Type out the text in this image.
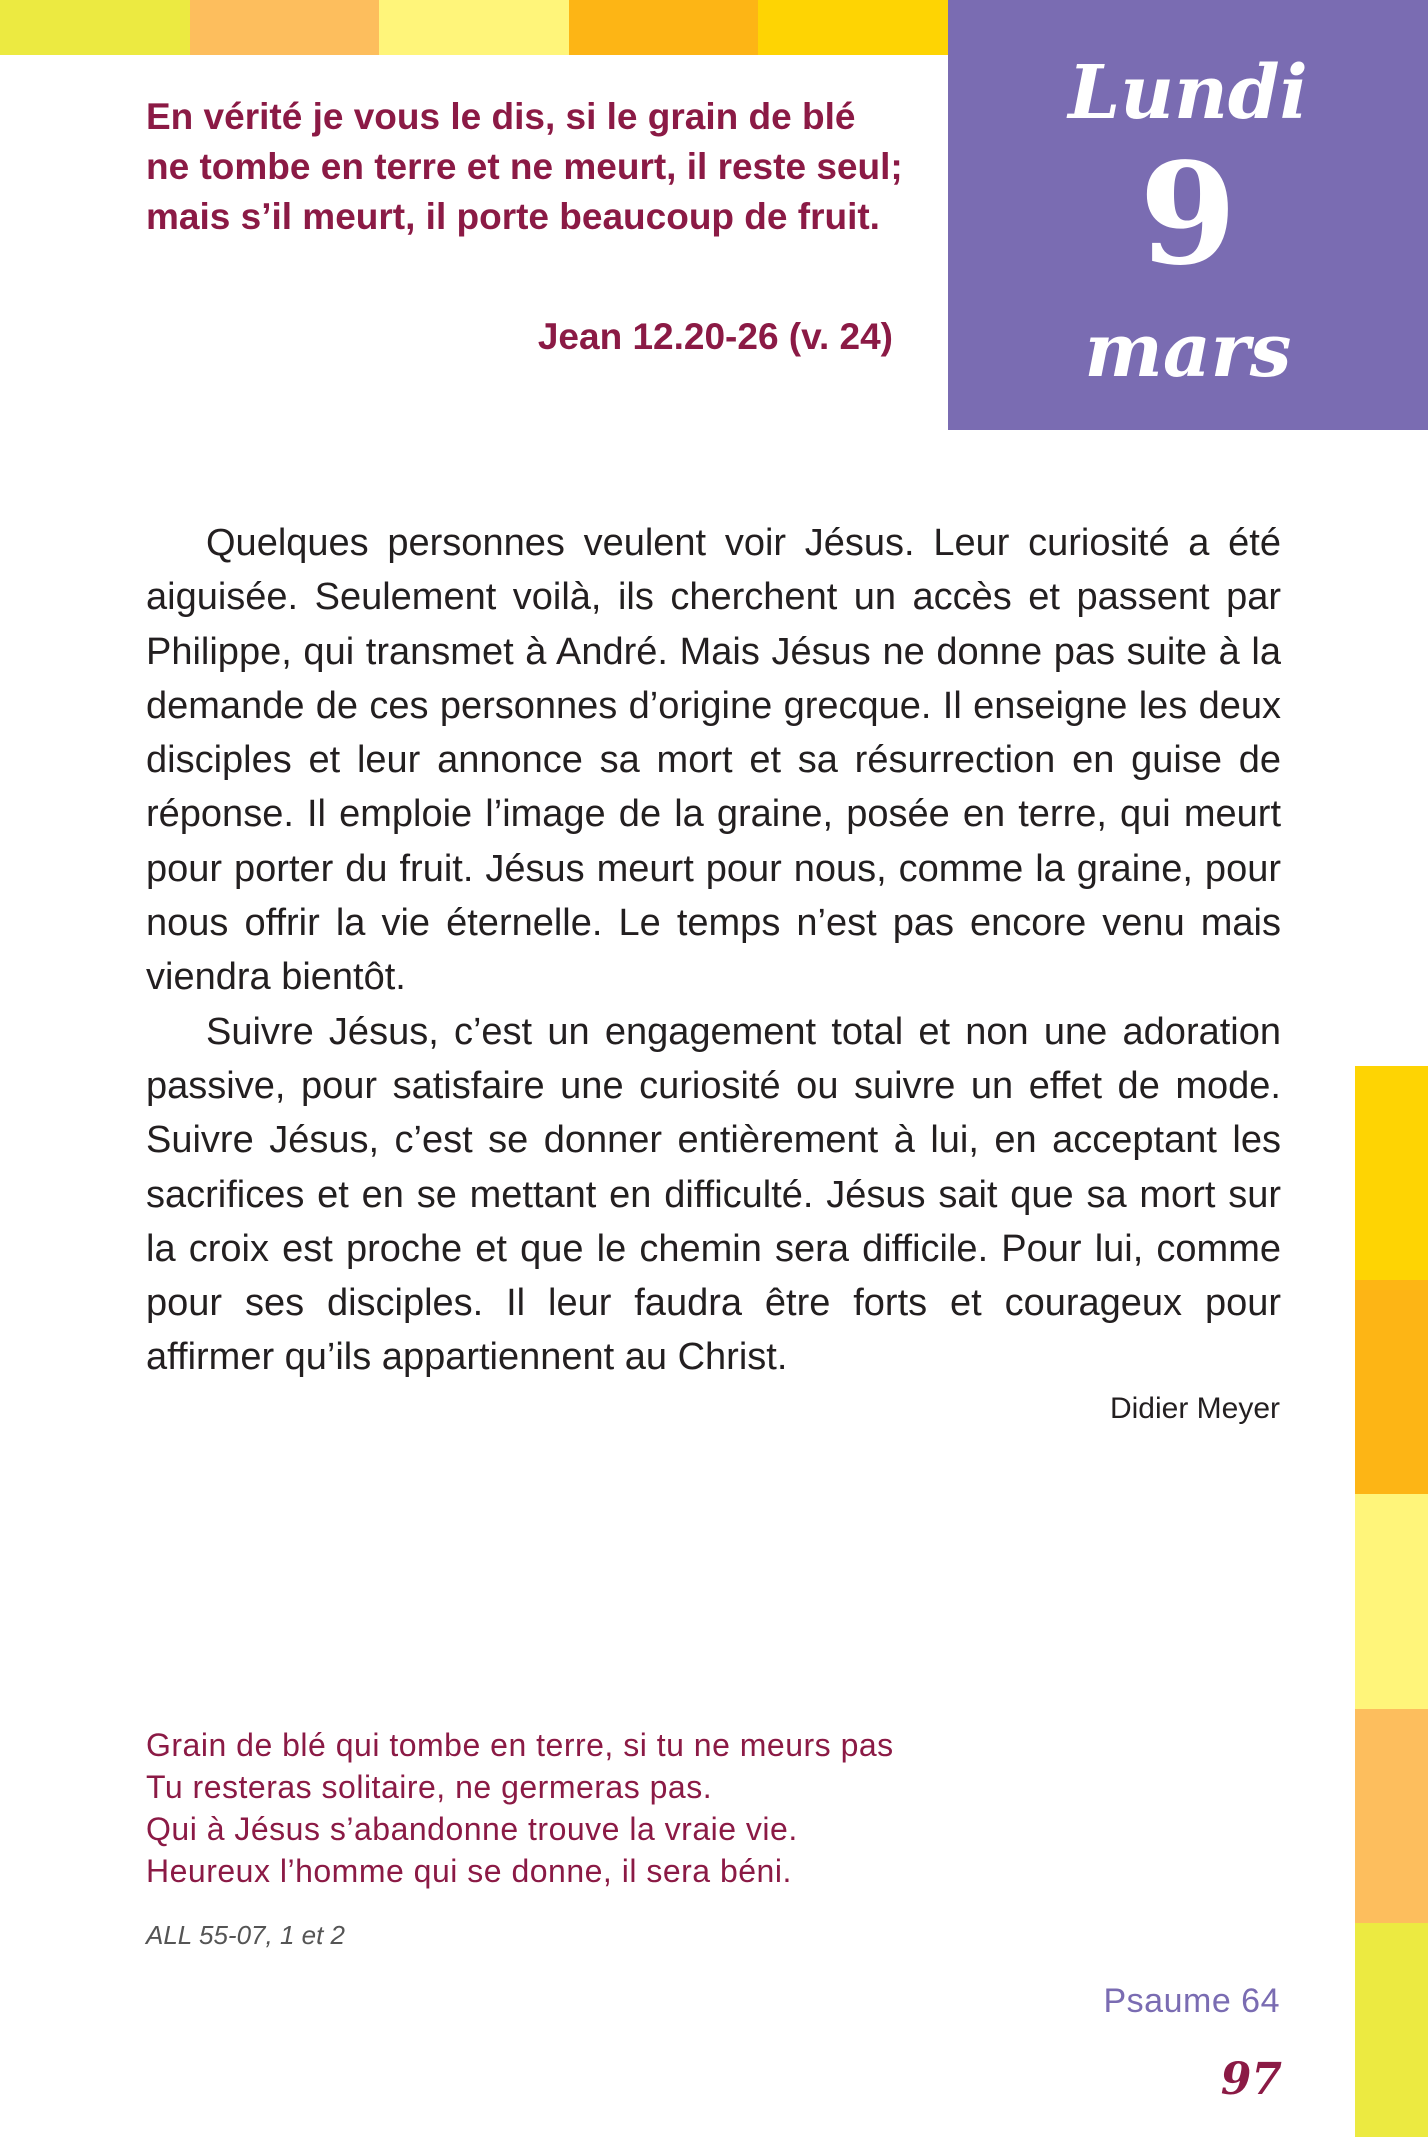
Lundi
9
mars

En vérité je vous le dis, si le grain de blé ne tombe en terre et ne meurt, il reste seul; mais s’il meurt, il porte beaucoup de fruit.

Jean 12.20-26 (v. 24)

Quelques personnes veulent voir Jésus. Leur curiosité a été aiguisée. Seulement voilà, ils cherchent un accès et passent par Philippe, qui transmet à André. Mais Jésus ne donne pas suite à la demande de ces personnes d’origine grecque. Il enseigne les deux disciples et leur annonce sa mort et sa résurrection en guise de réponse. Il emploie l’image de la graine, posée en terre, qui meurt pour porter du fruit. Jésus meurt pour nous, comme la graine, pour nous offrir la vie éternelle. Le temps n’est pas encore venu mais viendra bientôt.

Suivre Jésus, c’est un engagement total et non une adoration passive, pour satisfaire une curiosité ou suivre un effet de mode. Suivre Jésus, c’est se donner entièrement à lui, en acceptant les sacrifices et en se mettant en difficulté. Jésus sait que sa mort sur la croix est proche et que le chemin sera difficile. Pour lui, comme pour ses disciples. Il leur faudra être forts et courageux pour affirmer qu’ils appartiennent au Christ.

Didier Meyer
Grain de blé qui tombe en terre, si tu ne meurs pas
Tu resteras solitaire, ne germeras pas.
Qui à Jésus s’abandonne trouve la vraie vie.
Heureux l’homme qui se donne, il sera béni.
ALL 55-07, 1 et 2
Psaume 64
97
